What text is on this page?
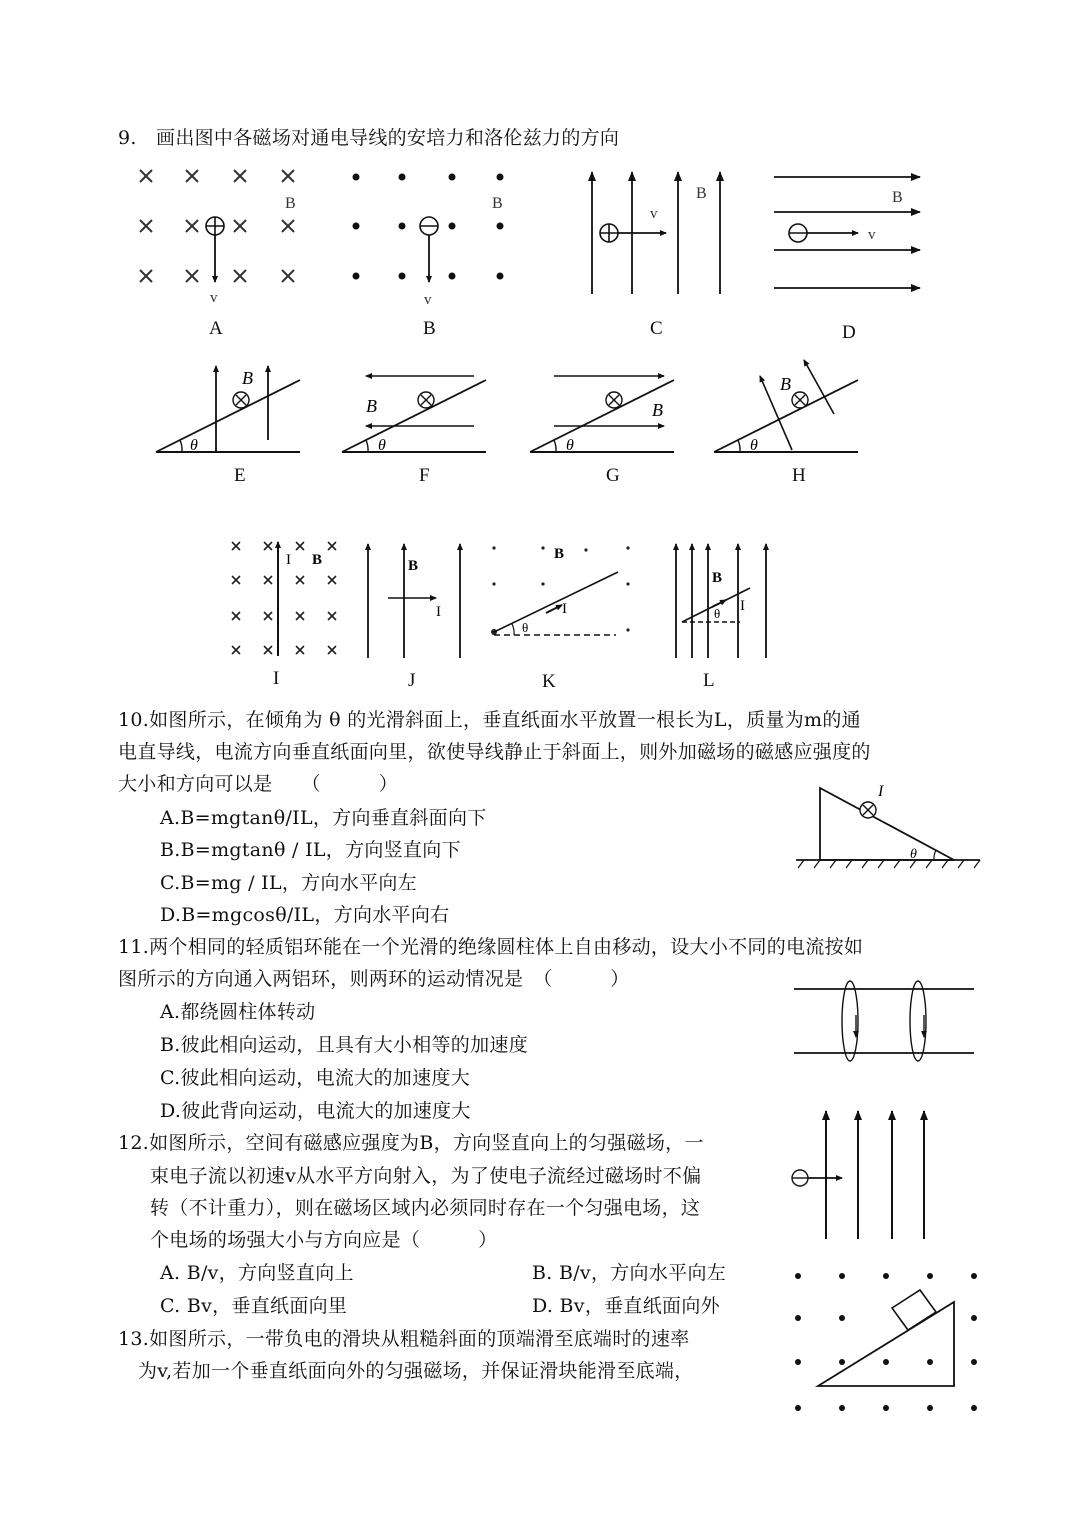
9.　画出图中各磁场对通电导线的安培力和洛伦兹力的方向
B
v
A
B
v
B
v
B
C
v
B
D
θ
B
E
θ
B
F
θ
B
G
θ
B
H
I B
I
B
I
J
θ
B
I
K
θ
B
I
L
10.如图所示，在倾角为 θ 的光滑斜面上，垂直纸面水平放置一根长为L，质量为m的通
电直导线，电流方向垂直纸面向里，欲使导线静止于斜面上，则外加磁场的磁感应强度的
大小和方向可以是　　（　　　）
A.B=mgtanθ/IL，方向垂直斜面向下
B.B=mgtanθ / IL，方向竖直向下
C.B=mg / IL，方向水平向左
D.B=mgcosθ/IL，方向水平向右
θ
I
11.两个相同的轻质铝环能在一个光滑的绝缘圆柱体上自由移动，设大小不同的电流按如
图所示的方向通入两铝环，则两环的运动情况是　（　　　）
A.都绕圆柱体转动
B.彼此相向运动，且具有大小相等的加速度
C.彼此相向运动，电流大的加速度大
D.彼此背向运动，电流大的加速度大
12.如图所示，空间有磁感应强度为B，方向竖直向上的匀强磁场，一
束电子流以初速v从水平方向射入，为了使电子流经过磁场时不偏
转（不计重力），则在磁场区域内必须同时存在一个匀强电场，这
个电场的场强大小与方向应是（　　　）
A. B/v，方向竖直向上	B. B/v，方向水平向左
C. Bv，垂直纸面向里	D. Bv，垂直纸面向外
13.如图所示，一带负电的滑块从粗糙斜面的顶端滑至底端时的速率
为v,若加一个垂直纸面向外的匀强磁场，并保证滑块能滑至底端，
